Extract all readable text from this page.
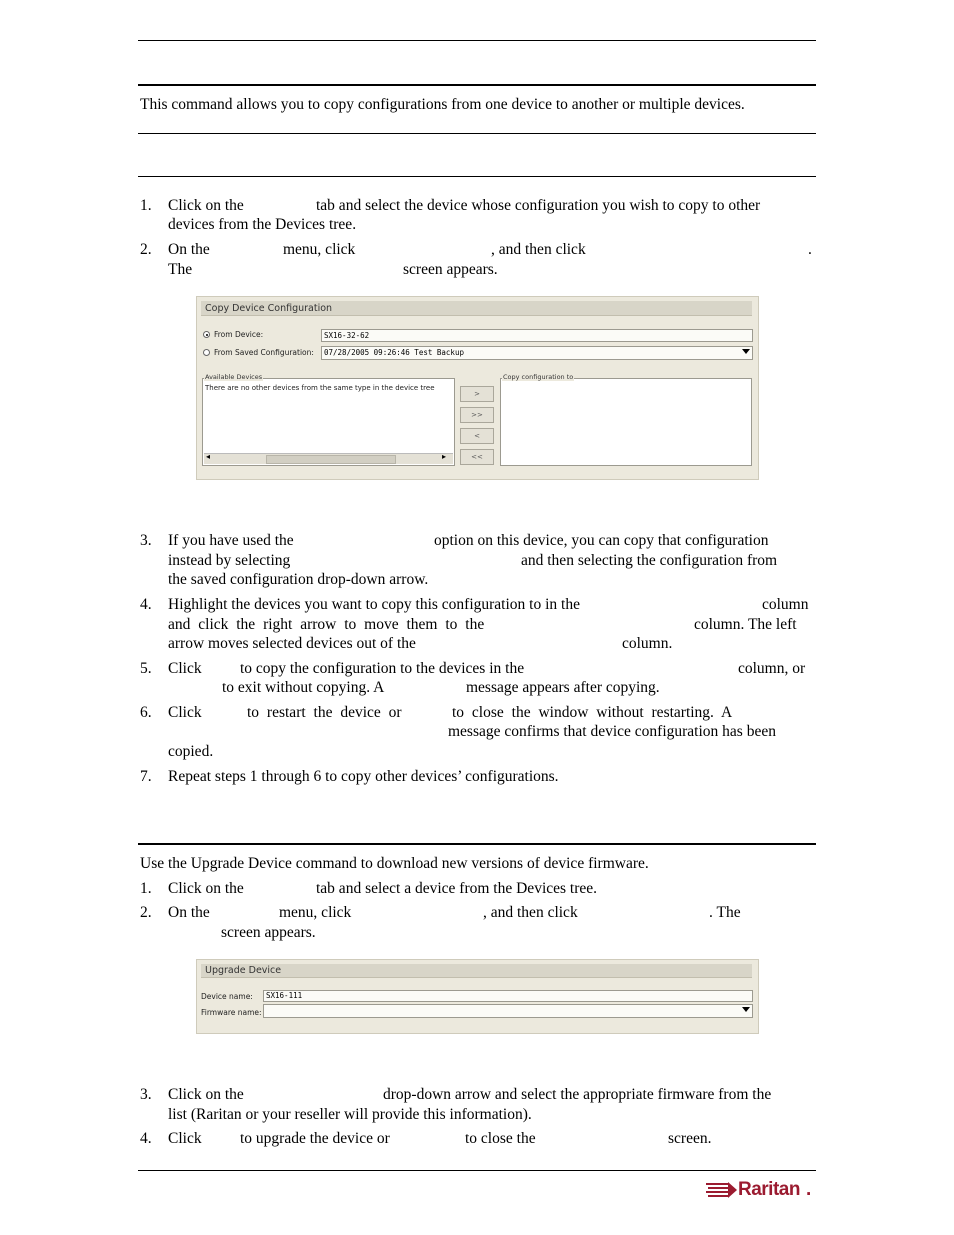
This command allows you to copy configurations from one device to another or multiple devices.
1. Click on the	tab and select the device whose configuration you wish to copy to other
devices from the Devices tree.
2. On the	menu, click	, and then click	.
The	screen appears.
Copy Device Configuration
From Device:	SX16-32-62
From Saved Configuration:	07/28/2005 09:26:46 Test Backup
There are no other devices from the same type in the device tree
◂	▸
Available Devices
>
>>
<
<<
Copy configuration to
3. If you have used the	option on this device, you can copy that configuration
instead by selecting	and then selecting the configuration from
the saved configuration drop-down arrow.
4. Highlight the devices you want to copy this configuration to in the	column
and click the right arrow to move them to the	column. The left
arrow moves selected devices out of the	column.
5. Click to copy the configuration to the devices in the	column, or
to exit without copying. A	message appears after copying.
6. Click	to restart the device or	to close the window without restarting. A
message confirms that device configuration has been
copied.
7. Repeat steps 1 through 6 to copy other devices’ configurations.
Use the Upgrade Device command to download new versions of device firmware.
1. Click on the	tab and select a device from the Devices tree.
2. On the	menu, click	, and then click	. The
screen appears.
Upgrade Device
Device name:	SX16-111
Firmware name:
3. Click on the	drop-down arrow and select the appropriate firmware from the
list (Raritan or your reseller will provide this information).
4. Click to upgrade the device or	to close the	screen.
Raritan .
